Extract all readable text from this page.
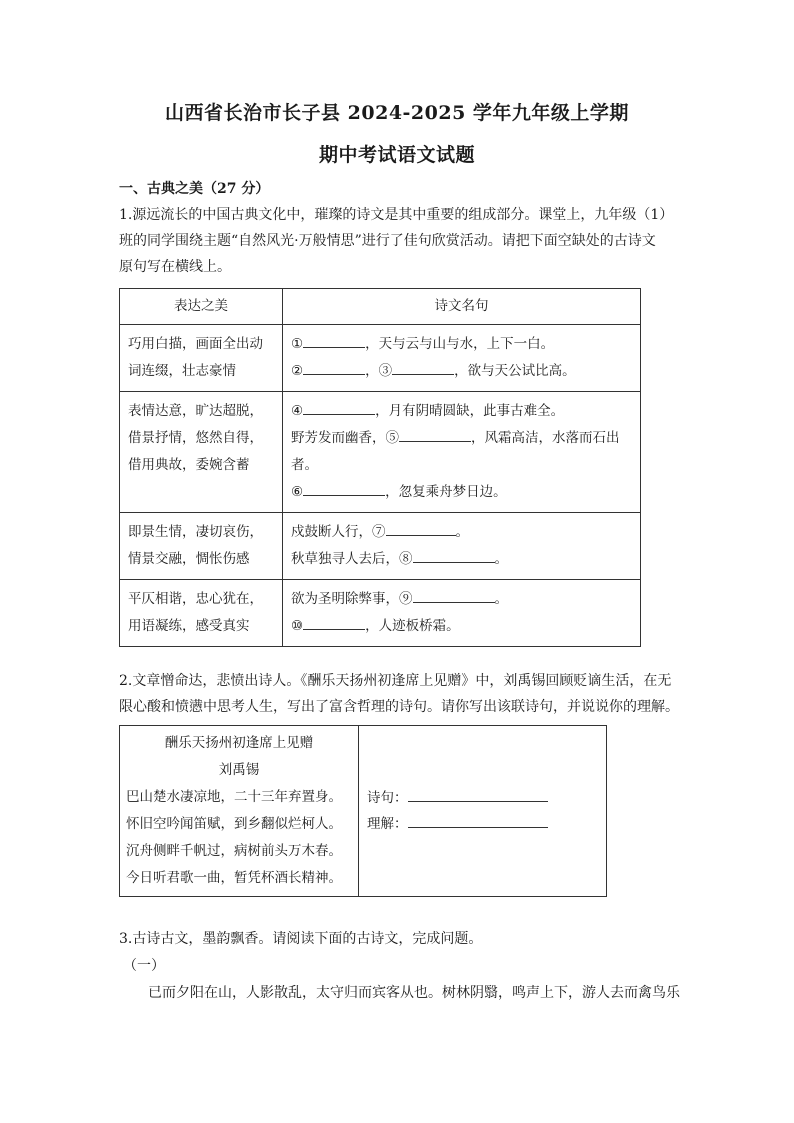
山西省长治市长子县 2024-2025 学年九年级上学期
期中考试语文试题
一、古典之美（27 分）
1.源远流长的中国古典文化中，璀璨的诗文是其中重要的组成部分。课堂上，九年级（1）
班的同学围绕主题“自然风光·万般情思”进行了佳句欣赏活动。请把下面空缺处的古诗文
原句写在横线上。
表达之美	诗文名句

巧用白描，画面全出动
词连缀，壮志豪情	① ，天与云与山与水，上下一白。
② ，③ ，欲与天公试比高。

表情达意，旷达超脱，
借景抒情，悠然自得，
借用典故，委婉含蓄	④ ，月有阴晴圆缺，此事古难全。
野芳发而幽香，⑤ ，风霜高洁，水落而石出
者。
⑥ ，忽复乘舟梦日边。

即景生情，凄切哀伤，
情景交融，惆怅伤感	戍鼓断人行，⑦ 。
秋草独寻人去后，⑧ 。

平仄相谐，忠心犹在，
用语凝练，感受真实	欲为圣明除弊事，⑨ 。
⑩ ，人迹板桥霜。
2.文章憎命达，悲愤出诗人。《酬乐天扬州初逢席上见赠》中，刘禹锡回顾贬谪生活，在无
限心酸和愤懑中思考人生，写出了富含哲理的诗句。请你写出该联诗句，并说说你的理解。
酬乐天扬州初逢席上见赠
刘禹锡
巴山楚水凄凉地，二十三年弃置身。
怀旧空吟闻笛赋，到乡翻似烂柯人。
沉舟侧畔千帆过，病树前头万木春。
今日听君歌一曲，暂凭杯酒长精神。

诗句：
理解：
3.古诗古文，墨韵飘香。请阅读下面的古诗文，完成问题。
（一）
已而夕阳在山，人影散乱，太守归而宾客从也。树林阴翳，鸣声上下，游人去而禽鸟乐
